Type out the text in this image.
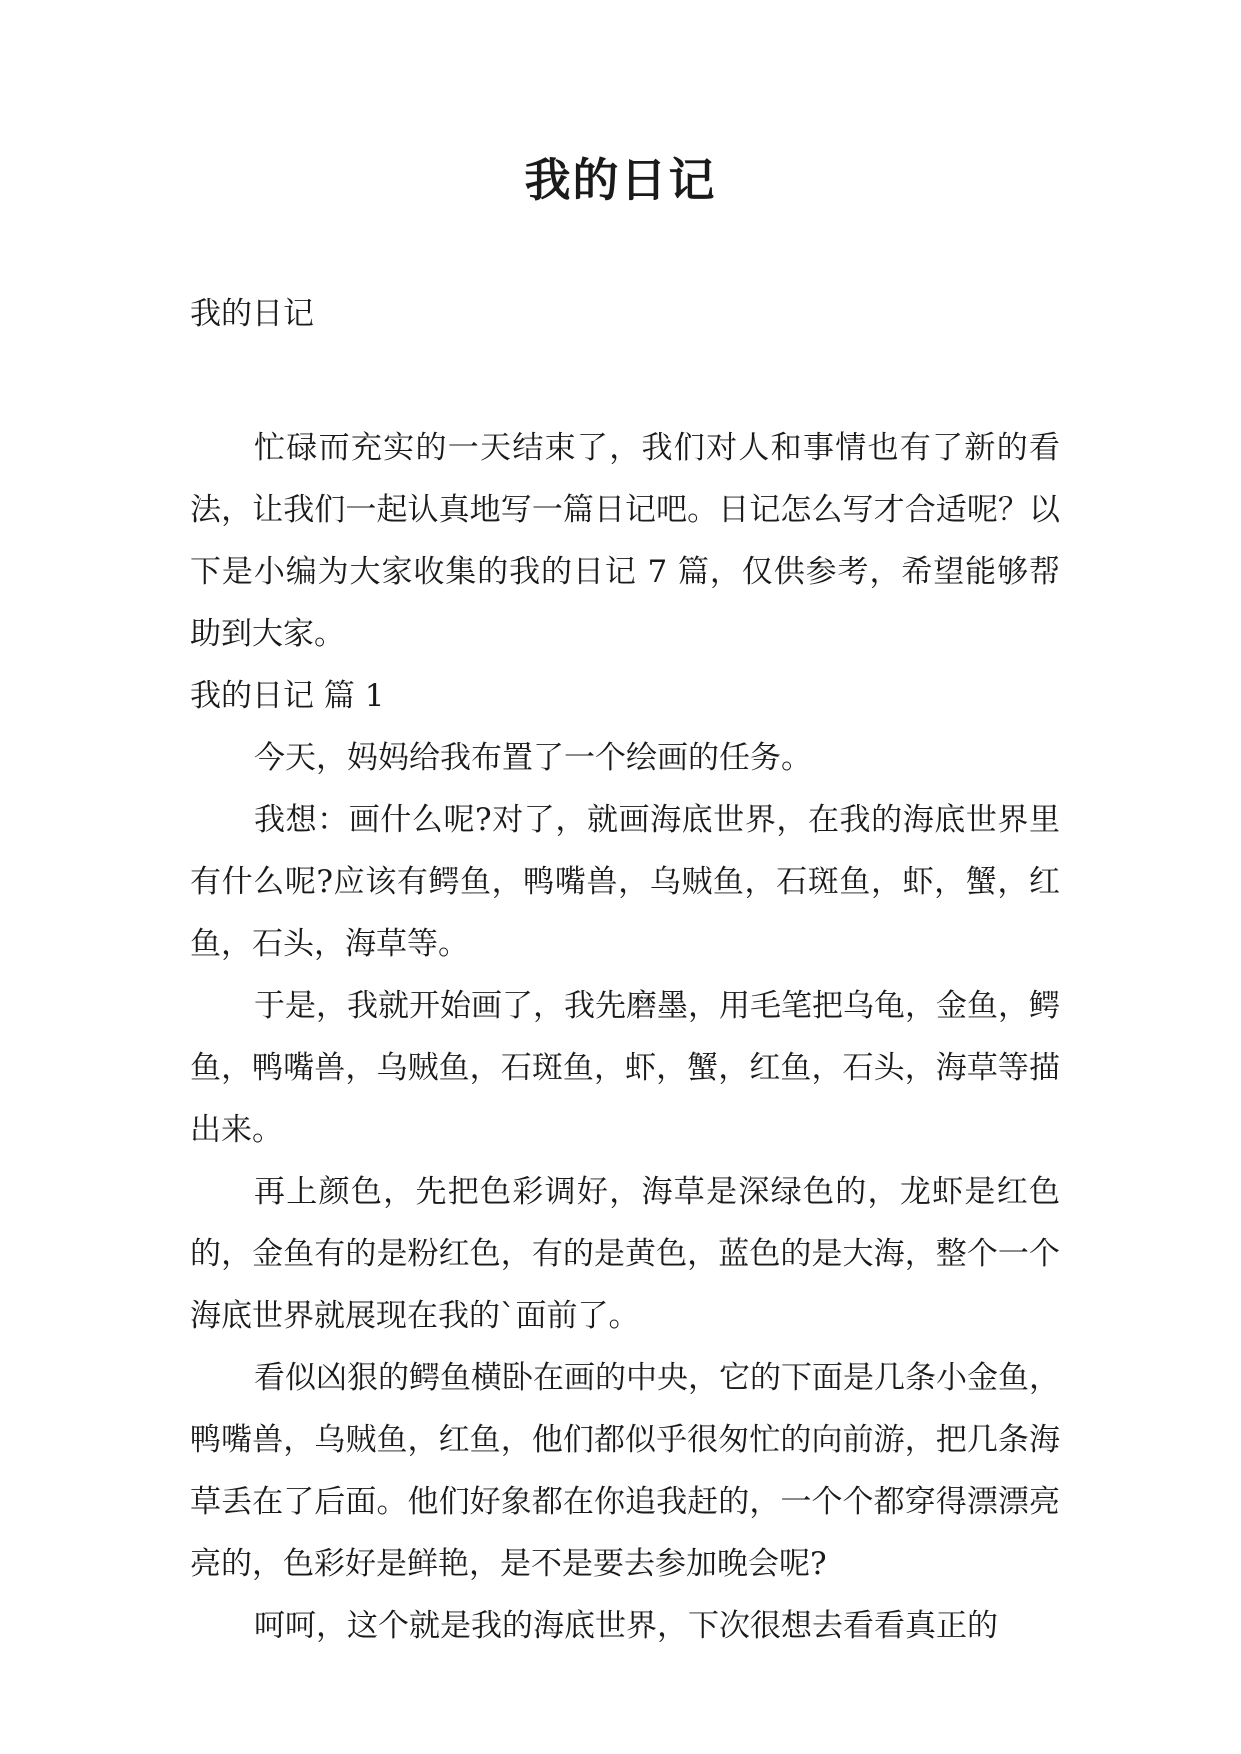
我的日记

我的日记

忙碌而充实的一天结束了，我们对人和事情也有了新的看法，让我们一起认真地写一篇日记吧。日记怎么写才合适呢？以下是小编为大家收集的我的日记 7 篇，仅供参考，希望能够帮助到大家。

我的日记 篇 1

今天，妈妈给我布置了一个绘画的任务。

我想：画什么呢?对了，就画海底世界，在我的海底世界里有什么呢?应该有鳄鱼，鸭嘴兽，乌贼鱼，石斑鱼，虾，蟹，红鱼，石头，海草等。

于是，我就开始画了，我先磨墨，用毛笔把乌龟，金鱼，鳄鱼，鸭嘴兽，乌贼鱼，石斑鱼，虾，蟹，红鱼，石头，海草等描出来。

再上颜色，先把色彩调好，海草是深绿色的，龙虾是红色的，金鱼有的是粉红色，有的是黄色，蓝色的是大海，整个一个海底世界就展现在我的`面前了。

看似凶狠的鳄鱼横卧在画的中央，它的下面是几条小金鱼，鸭嘴兽，乌贼鱼，红鱼，他们都似乎很匆忙的向前游，把几条海草丢在了后面。他们好象都在你追我赶的，一个个都穿得漂漂亮亮的，色彩好是鲜艳，是不是要去参加晚会呢?

呵呵，这个就是我的海底世界，下次很想去看看真正的
